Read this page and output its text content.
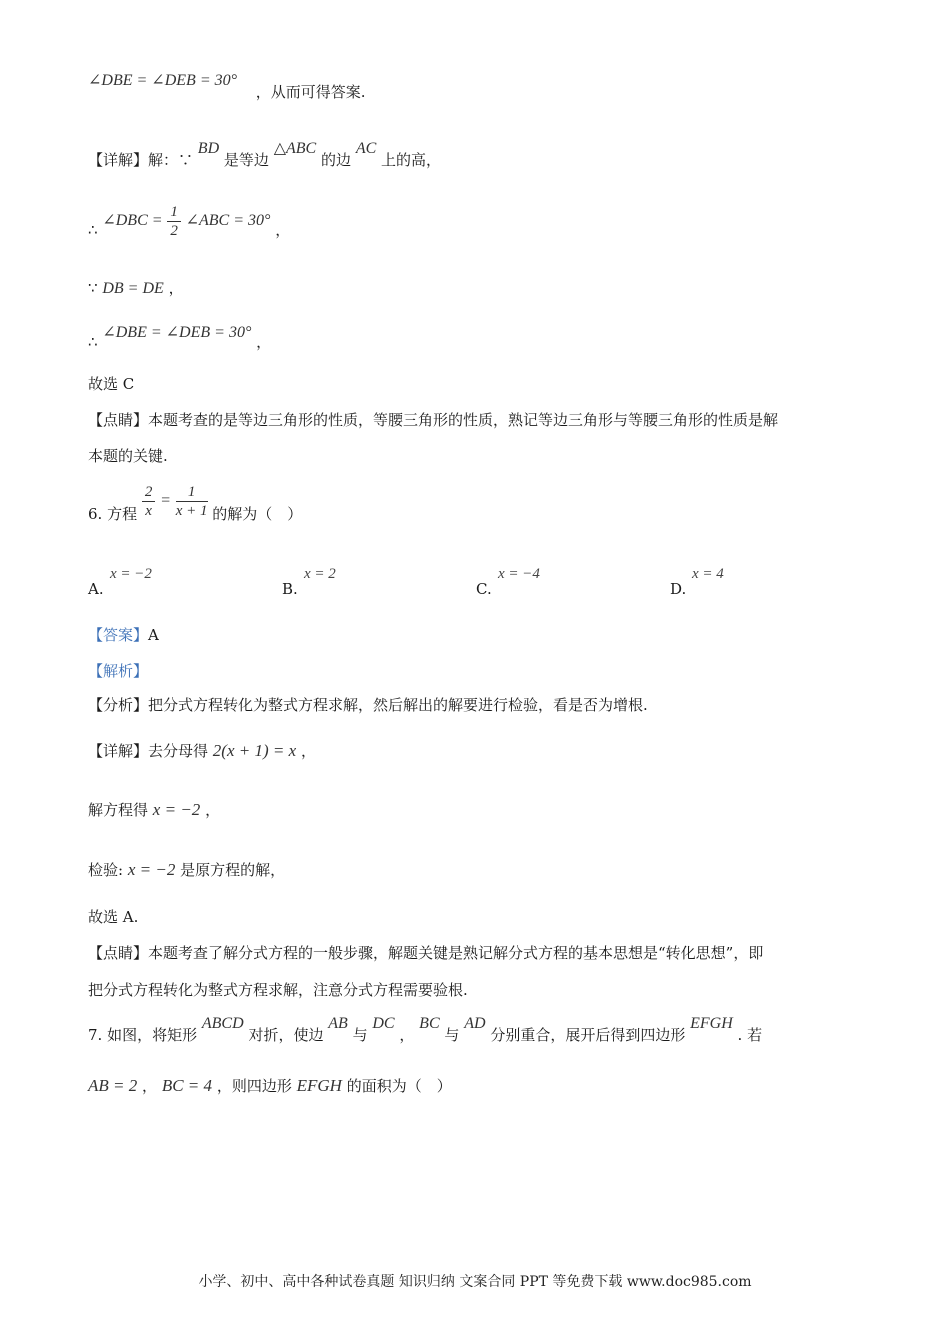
∠DBE = ∠DEB = 30° ，从而可得答案.
【详解】解：∵ BD 是等边 △ABC 的边 AC 上的高，
∴ ∠DBC = $\frac{1}{2}$ ∠ABC = 30° ，
∵ DB = DE ，
∴ ∠DBE = ∠DEB = 30° ，
故选 C
【点睛】本题考查的是等边三角形的性质，等腰三角形的性质，熟记等边三角形与等腰三角形的性质是解
本题的关键.
6. 方程 $\frac{2}{x} = \frac{1}{x + 1}$ 的解为（　）
A.
x = −2
B.
x = 2
C.
x = −4
D.
x = 4
【答案】A
【解析】
【分析】把分式方程转化为整式方程求解，然后解出的解要进行检验，看是否为增根.
【详解】去分母得 2(x + 1) = x ，
解方程得 x = −2 ，
检验: x = −2 是原方程的解，
故选 A.
【点睛】本题考查了解分式方程的一般步骤，解题关键是熟记解分式方程的基本思想是“转化思想”，即
把分式方程转化为整式方程求解，注意分式方程需要验根.
7. 如图，将矩形 ABCD 对折，使边 AB 与 DC ， BC 与 AD 分别重合，展开后得到四边形 EFGH . 若
AB = 2 ， BC = 4 ，则四边形 EFGH 的面积为（　）
小学、初中、高中各种试卷真题 知识归纳 文案合同 PPT 等免费下载 www.doc985.com
